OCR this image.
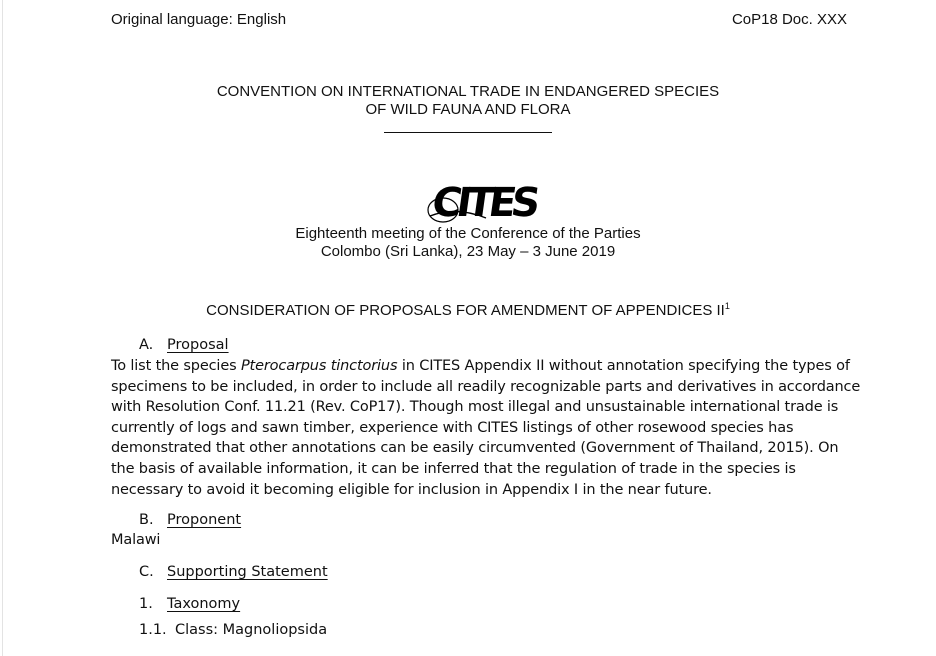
Original language: English	CoP18 Doc. XXX
CONVENTION ON INTERNATIONAL TRADE IN ENDANGERED SPECIES
OF WILD FAUNA AND FLORA
Eighteenth meeting of the Conference of the Parties
Colombo (Sri Lanka), 23 May – 3 June 2019
CITES
CONSIDERATION OF PROPOSALS FOR AMENDMENT OF APPENDICES $II^1$
A. Proposal
To list the species Pterocarpus tinctorius in CITES Appendix II without annotation specifying the types of
specimens to be included, in order to include all readily recognizable parts and derivatives in accordance
with Resolution Conf. 11.21 (Rev. CoP17). Though most illegal and unsustainable international trade is
currently of logs and sawn timber, experience with CITES listings of other rosewood species has
demonstrated that other annotations can be easily circumvented (Government of Thailand, 2015). On
the basis of available information, it can be inferred that the regulation of trade in the species is
necessary to avoid it becoming eligible for inclusion in Appendix I in the near future.
B. Proponent
Malawi
C. Supporting Statement
1. Taxonomy
1.1. Class: Magnoliopsida
